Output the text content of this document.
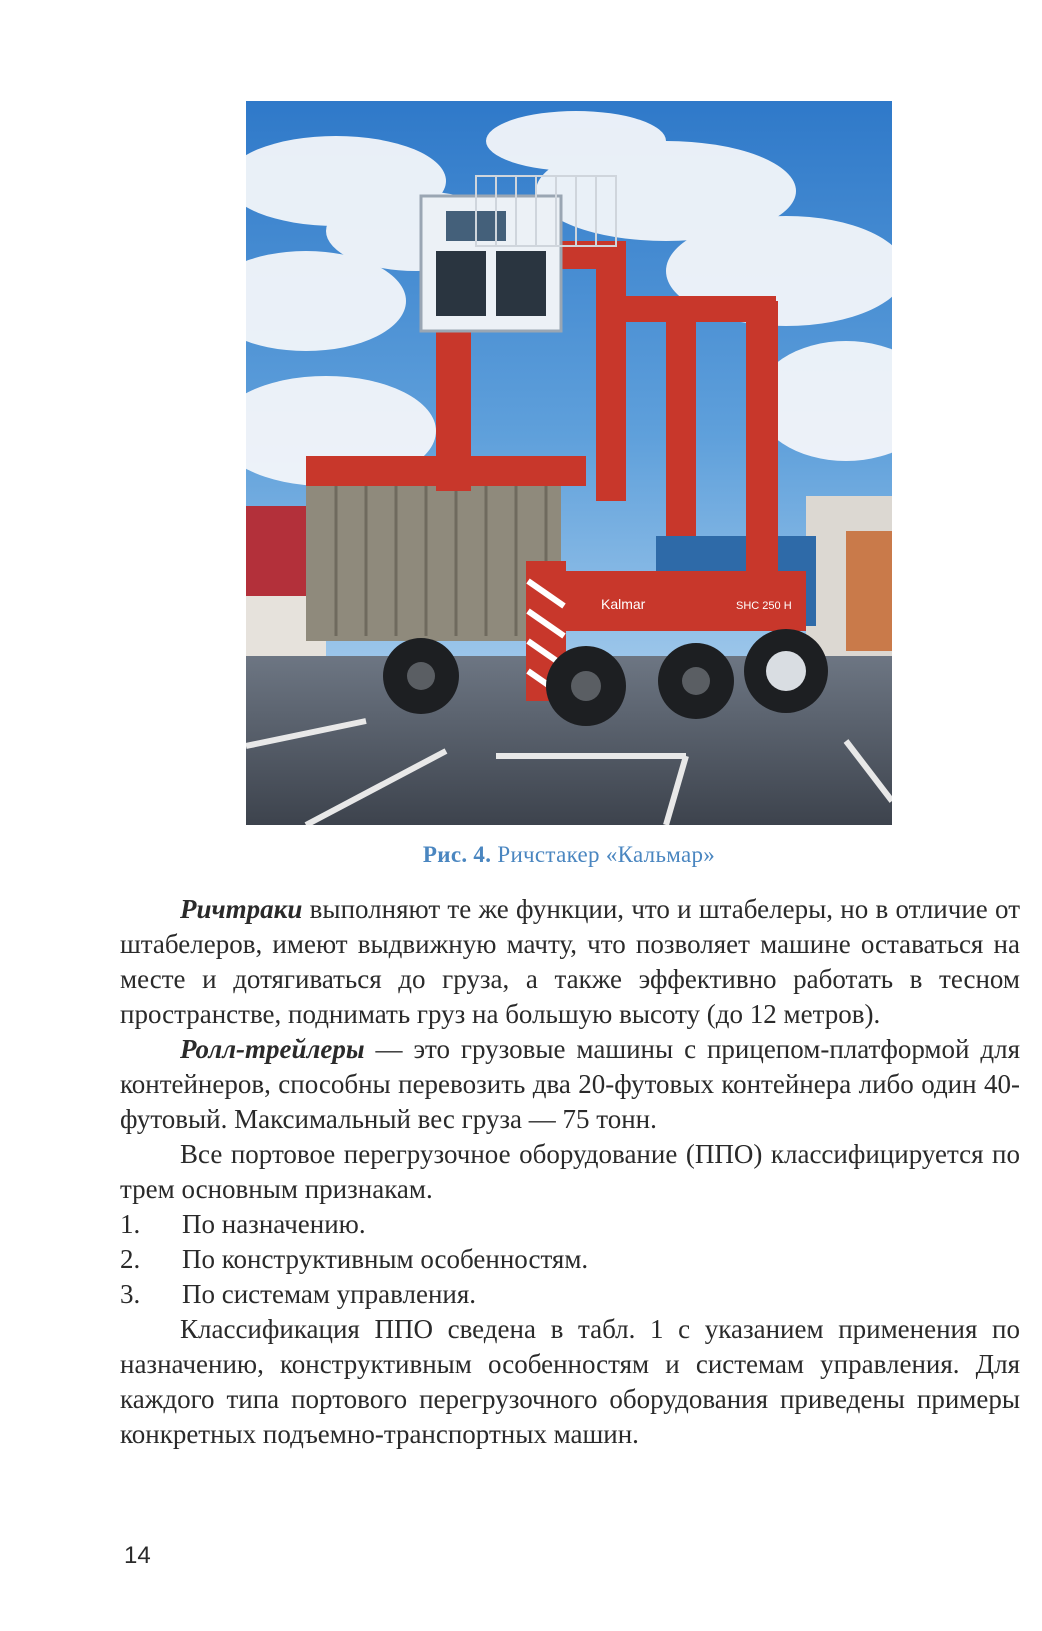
Kalmar	SHC 250 H
Рис. 4. Ричстакер «Кальмар»

Ричтраки выполняют те же функции, что и штабелеры, но в отличие от штабелеров, имеют выдвижную мачту, что позволяет машине оставаться на месте и дотягиваться до груза, а также эффективно работать в тесном пространстве, поднимать груз на большую высоту (до 12 метров).

Ролл-трейлеры — это грузовые машины с прицепом-платформой для контейнеров, способны перевозить два 20-футовых контейнера либо один 40-футовый. Максимальный вес груза — 75 тонн.

Все портовое перегрузочное оборудование (ППО) классифицируется по трем основным признакам.

1.	По назначению.
2.	По конструктивным особенностям.
3.	По системам управления.

Классификация ППО сведена в табл. 1 с указанием применения по назначению, конструктивным особенностям и системам управления. Для каждого типа портового перегрузочного оборудования приведены примеры конкретных подъемно-транспортных машин.

14
